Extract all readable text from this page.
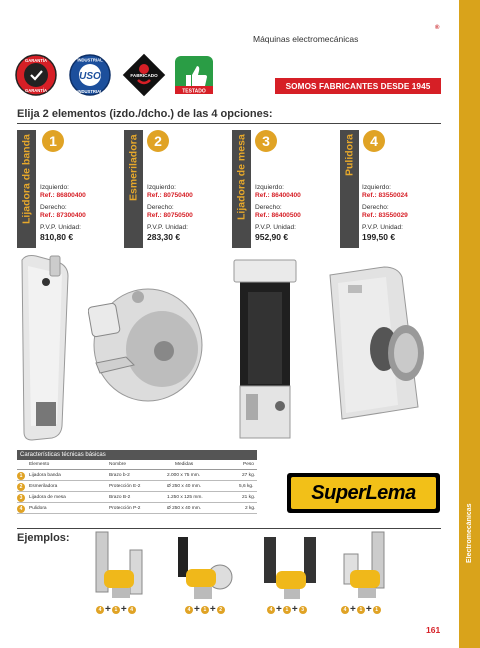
Electromecánicas
Máquinas electromecánicas
®
GARANTÍA
GARANTÍA
USO
INDUSTRIAL
INDUSTRIAL
FABRICADO
TESTADO
SOMOS FABRICANTES DESDE 1945
Elija 2 elementos (izdo./dcho.) de las 4 opciones:
Lijadora de banda	1
Izquierdo:
Ref.: 86800400
Derecho:
Ref.: 87300400
P.V.P. Unidad:
810,80 €
Esmeriladora	2
Izquierdo:
Ref.: 80750400
Derecho:
Ref.: 80750500
P.V.P. Unidad:
283,30 €
Lijadora de mesa	3
Izquierdo:
Ref.: 86400400
Derecho:
Ref.: 86400500
P.V.P. Unidad:
952,90 €
Pulidora	4
Izquierdo:
Ref.: 83550024
Derecho:
Ref.: 83550029
P.V.P. Unidad:
199,50 €
Características técnicas básicas
Elemento	Nombre	Medidas	Peso
1	Lijadora banda	Brazo b-2	2.000 x 75 mm.	27 kg.
2	Esmeriladora	Protección E-2	Ø 250 x 40 mm.	5,6 kg.
3	Lijadora de mesa	Brazo B-2	1.250 x 125 mm.	21 kg.
4	Pulidora	Protección P-2	Ø 250 x 40 mm.	2 kg.
SuperLema
Ejemplos:
4 + 1 + 4	4 + 1 + 2	4 + 1 + 3	4 + 1 + 1
161
